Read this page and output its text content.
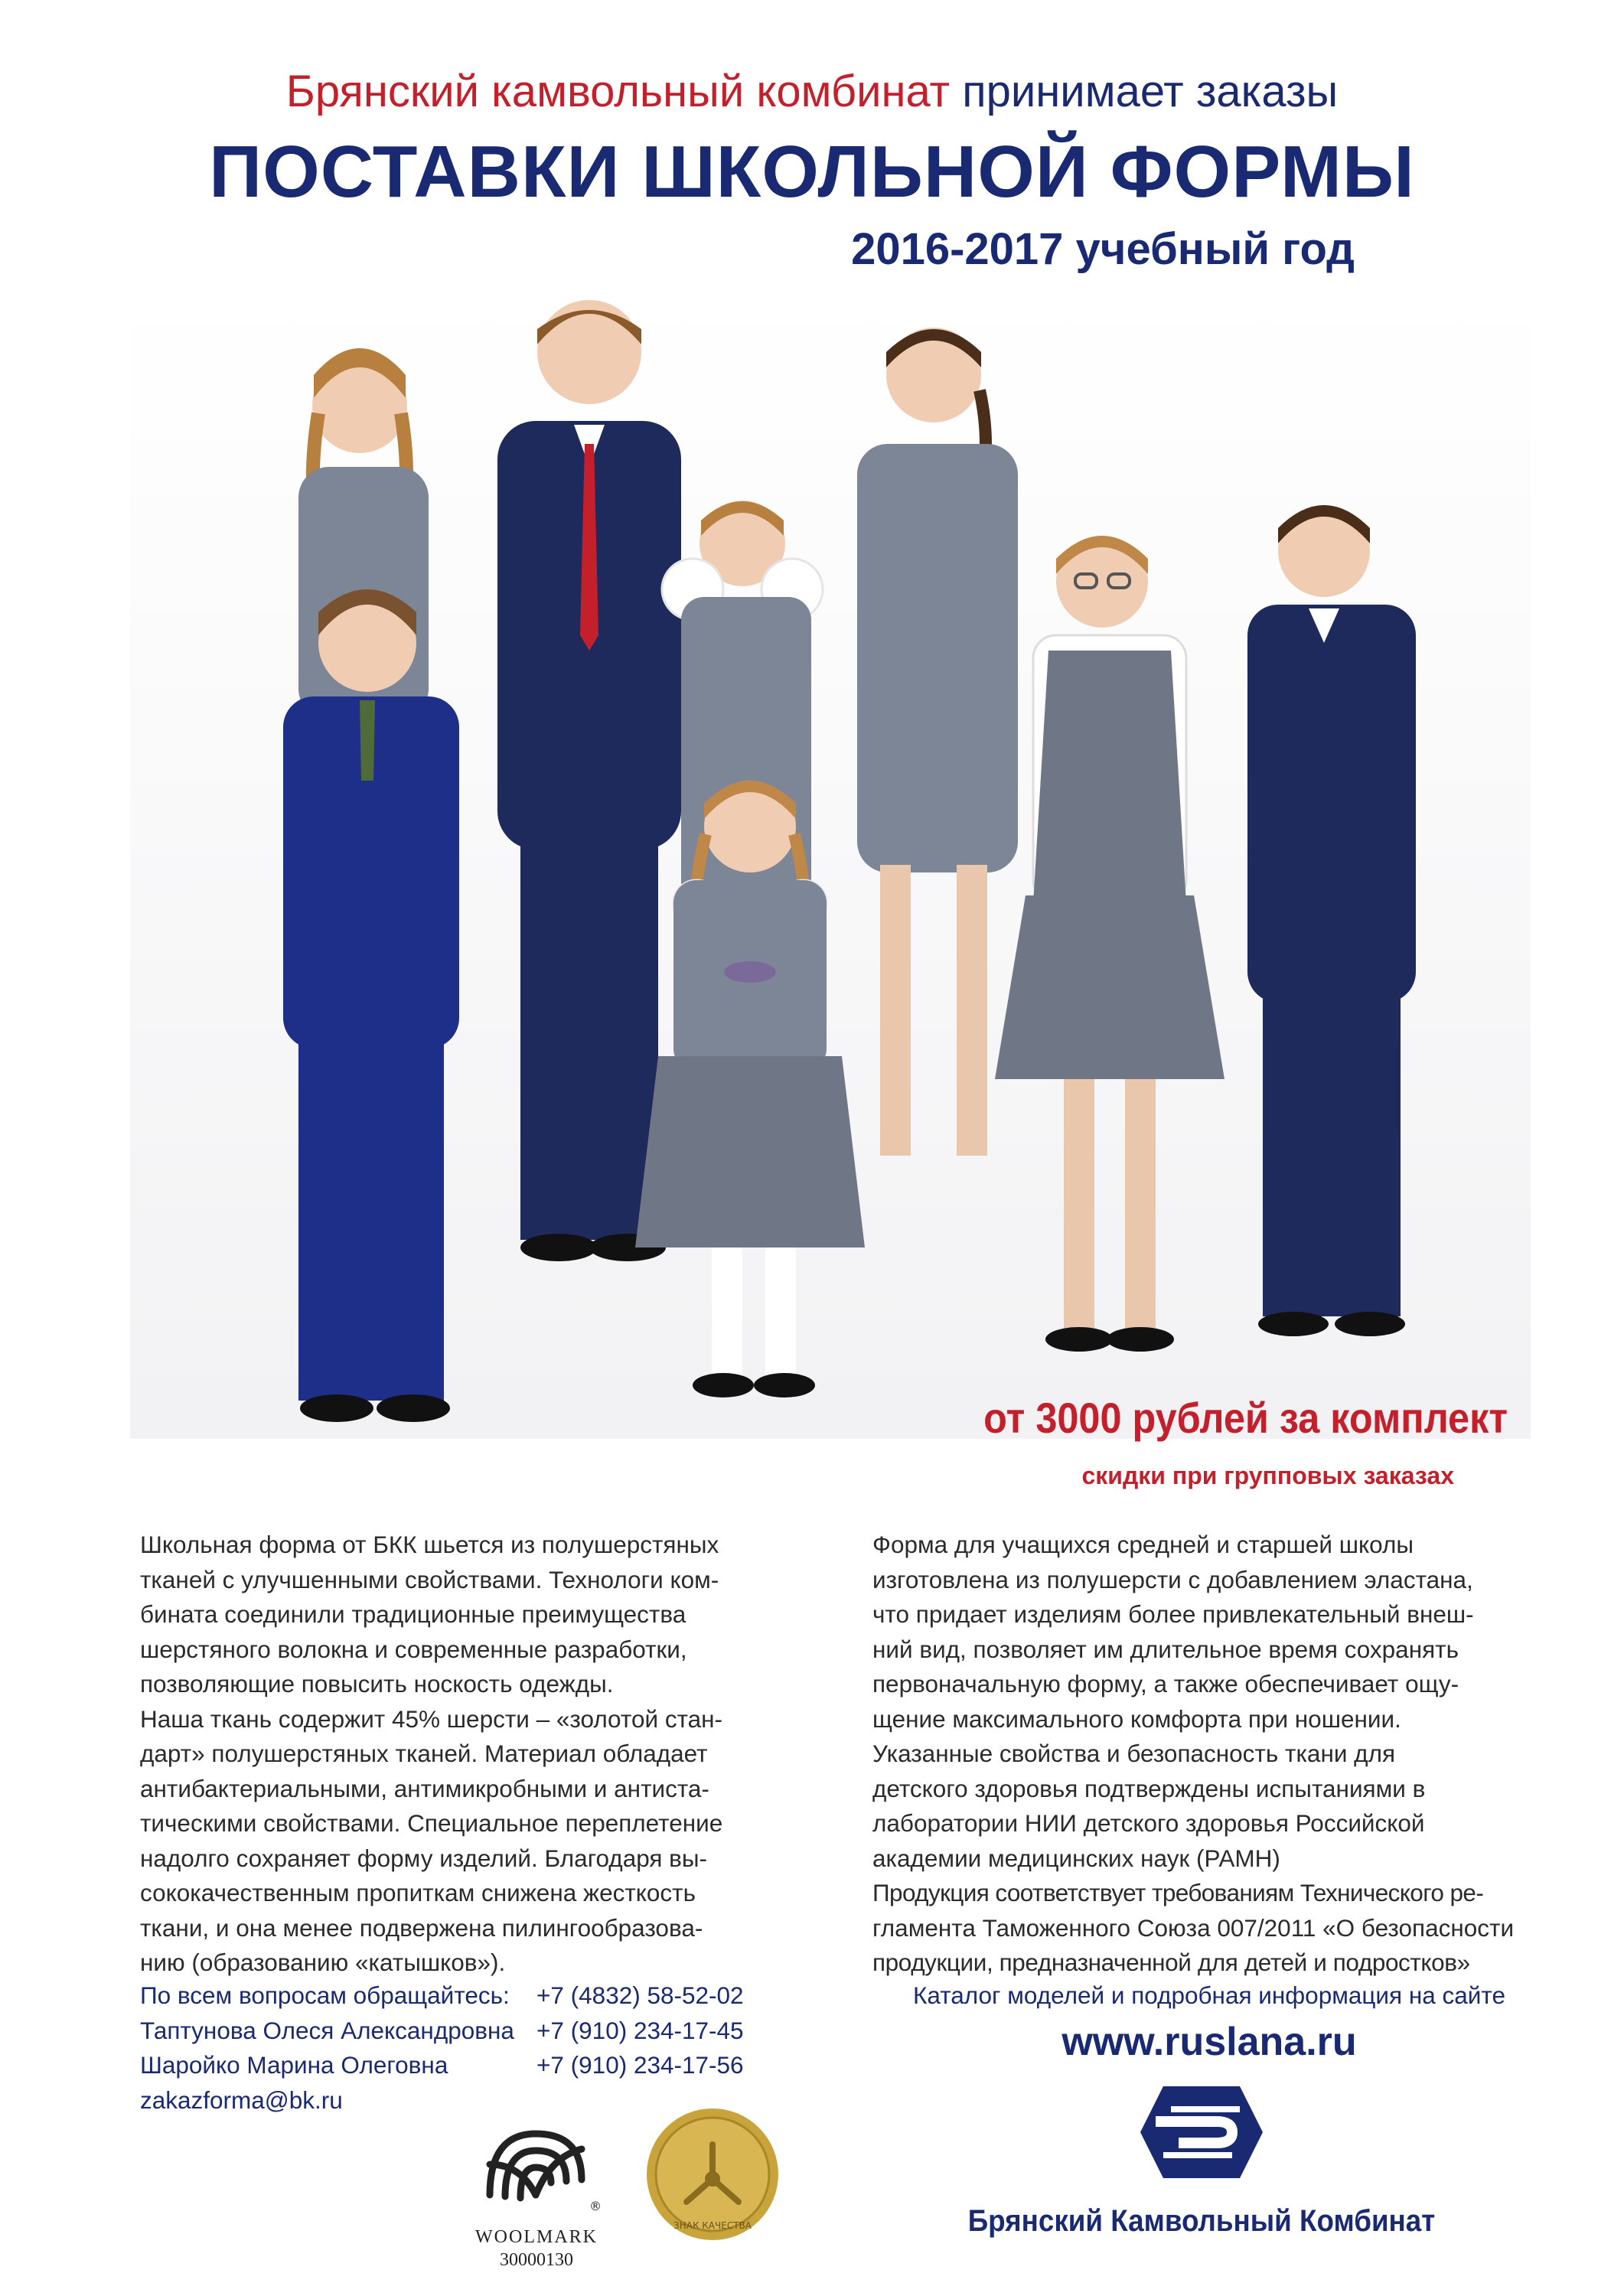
Брянский камвольный комбинат принимает заказы
ПОСТАВКИ ШКОЛЬНОЙ ФОРМЫ
2016-2017 учебный год
от 3000 рублей за комплект
скидки при групповых заказах
Школьная форма от БКК шьется из полушерстяных
тканей с улучшенными свойствами. Технологи ком-
бината соединили традиционные преимущества
шерстяного волокна и современные разработки,
позволяющие повысить носкость одежды.
Наша ткань содержит 45% шерсти – «золотой стан-
дарт» полушерстяных тканей. Материал обладает
антибактериальными, антимикробными и антиста-
тическими свойствами. Специальное переплетение
надолго сохраняет форму изделий. Благодаря вы-
сококачественным пропиткам снижена жесткость
ткани, и она менее подвержена пилингообразова-
нию (образованию «катышков»).
Форма для учащихся средней и старшей школы
изготовлена из полушерсти с добавлением эластана,
что придает изделиям более привлекательный внеш-
ний вид, позволяет им длительное время сохранять
первоначальную форму, а также обеспечивает ощу-
щение максимального комфорта при ношении.
Указанные свойства и безопасность ткани для
детского здоровья подтверждены испытаниями в
лаборатории НИИ детского здоровья Российской
академии медицинских наук (РАМН)
Продукция соответствует требованиям Технического ре-
гламента Таможенного Союза 007/2011 «О безопасности
продукции, предназначенной для детей и подростков»
По всем вопросам обращайтесь: +7 (4832) 58-52-02
Таптунова Олеся Александровна +7 (910) 234-17-45
Шаройко Марина Олеговна	+7 (910) 234-17-56
zakazforma@bk.ru
Каталог моделей и подробная информация на сайте
www.ruslana.ru
®
WOOLMARK
30000130
ЗНАК КАЧЕСТВА	Брянский Камвольный Комбинат
